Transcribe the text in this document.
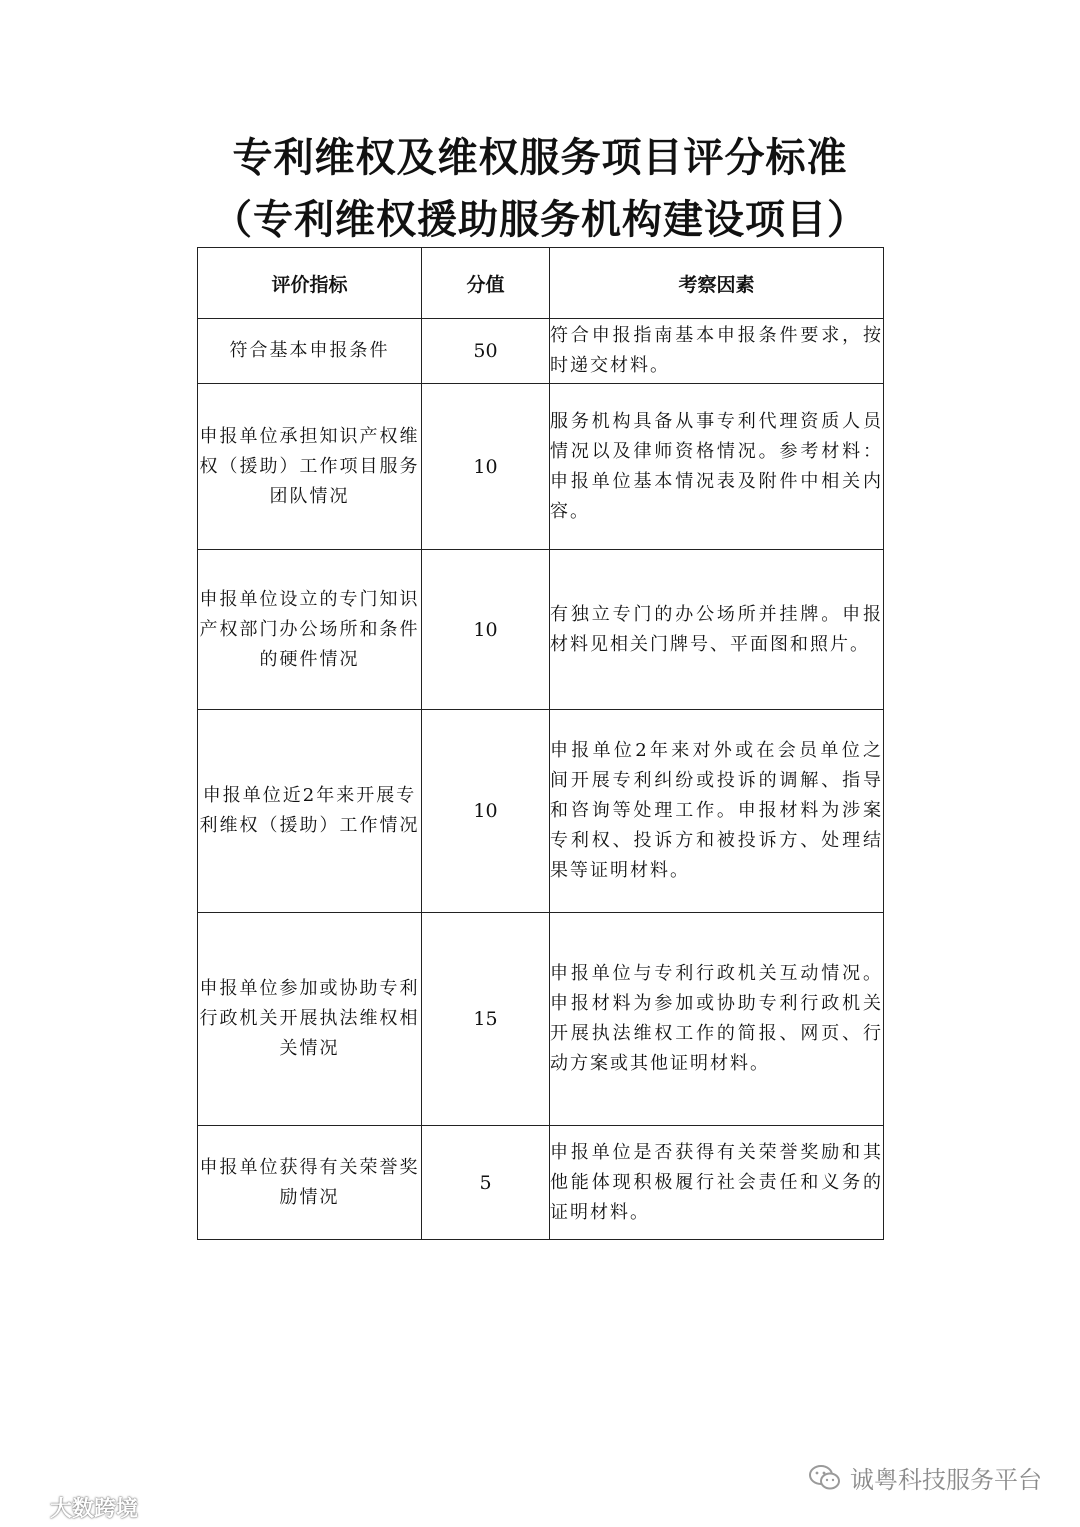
专利维权及维权服务项目评分标准
（专利维权援助服务机构建设项目）
评价指标	分值	考察因素
符合基本申报条件	50	符合申报指南基本申报条件要求，按时递交材料。
申报单位承担知识产权维权（援助）工作项目服务团队情况	10	服务机构具备从事专利代理资质人员情况以及律师资格情况。参考材料：申报单位基本情况表及附件中相关内容。
申报单位设立的专门知识产权部门办公场所和条件的硬件情况	10	有独立专门的办公场所并挂牌。申报材料见相关门牌号、平面图和照片。
申报单位近2年来开展专利维权（援助）工作情况	10	申报单位2年来对外或在会员单位之间开展专利纠纷或投诉的调解、指导和咨询等处理工作。申报材料为涉案专利权、投诉方和被投诉方、处理结果等证明材料。
申报单位参加或协助专利行政机关开展执法维权相关情况	15	申报单位与专利行政机关互动情况。申报材料为参加或协助专利行政机关开展执法维权工作的简报、网页、行动方案或其他证明材料。
申报单位获得有关荣誉奖励情况	5	申报单位是否获得有关荣誉奖励和其他能体现积极履行社会责任和义务的证明材料。
诚粤科技服务平台
大数跨境
